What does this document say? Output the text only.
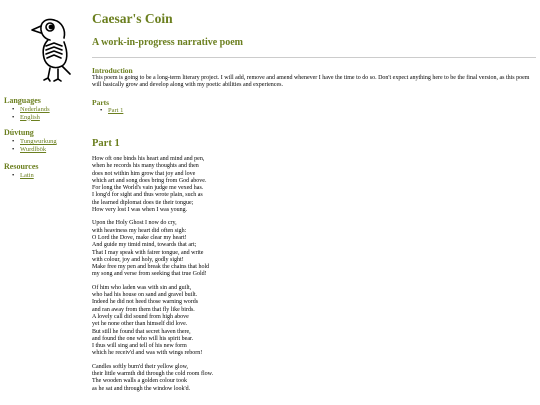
Languages

• Nederlands
• English

Dúvtung

• Tungwurkung
• Wurdlbök

Resources

• Latin
Caesar's Coin
A work-in-progress narrative poem
Introduction

This poem is going to be a long-term literary project. I will add, remove and amend whenever I have the time to do so. Don't expect anything here to be the final version, as this poem will basically grow and develop along with my poetic abilities and experiences.

Parts
• Part 1
Part 1

How oft one binds his heart and mind and pen,
when he records his many thoughts and then
does not within him grow that joy and love
which art and song does bring from God above.
For long the World's vain judge me vexed has.
I long'd for sight and thus wrote plain, such as
the learned diplomat does tie their tongue;
How very lost I was when I was young.

Upon the Holy Ghost I now do cry,
with heaviness my heart did often sigh:
O Lord the Dove, make clear my heart!
And guide my timid mind, towards that art;
That I may speak with fairer tongue, and write
with colour, joy and holy, godly sight!
Make free my pen and break the chains that hold
my song and verse from seeking that true Gold!

Of him who laden was with sin and guilt,
who had his house on sand and gravel built.
Indeed he did not heed those warning words
and ran away from them that fly like birds.
A lovely call did sound from high above
yet he none other than himself did love.
But still he found that secret haven there,
and found the one who will his spirit bear.
I thus will sing and tell of his new form
which he receiv'd and was with wings reborn!

Candles softly burn'd their yellow glow,
their little warmth did through the cold room flow.
The wooden walls a golden colour took
as he sat and through the window look'd.
